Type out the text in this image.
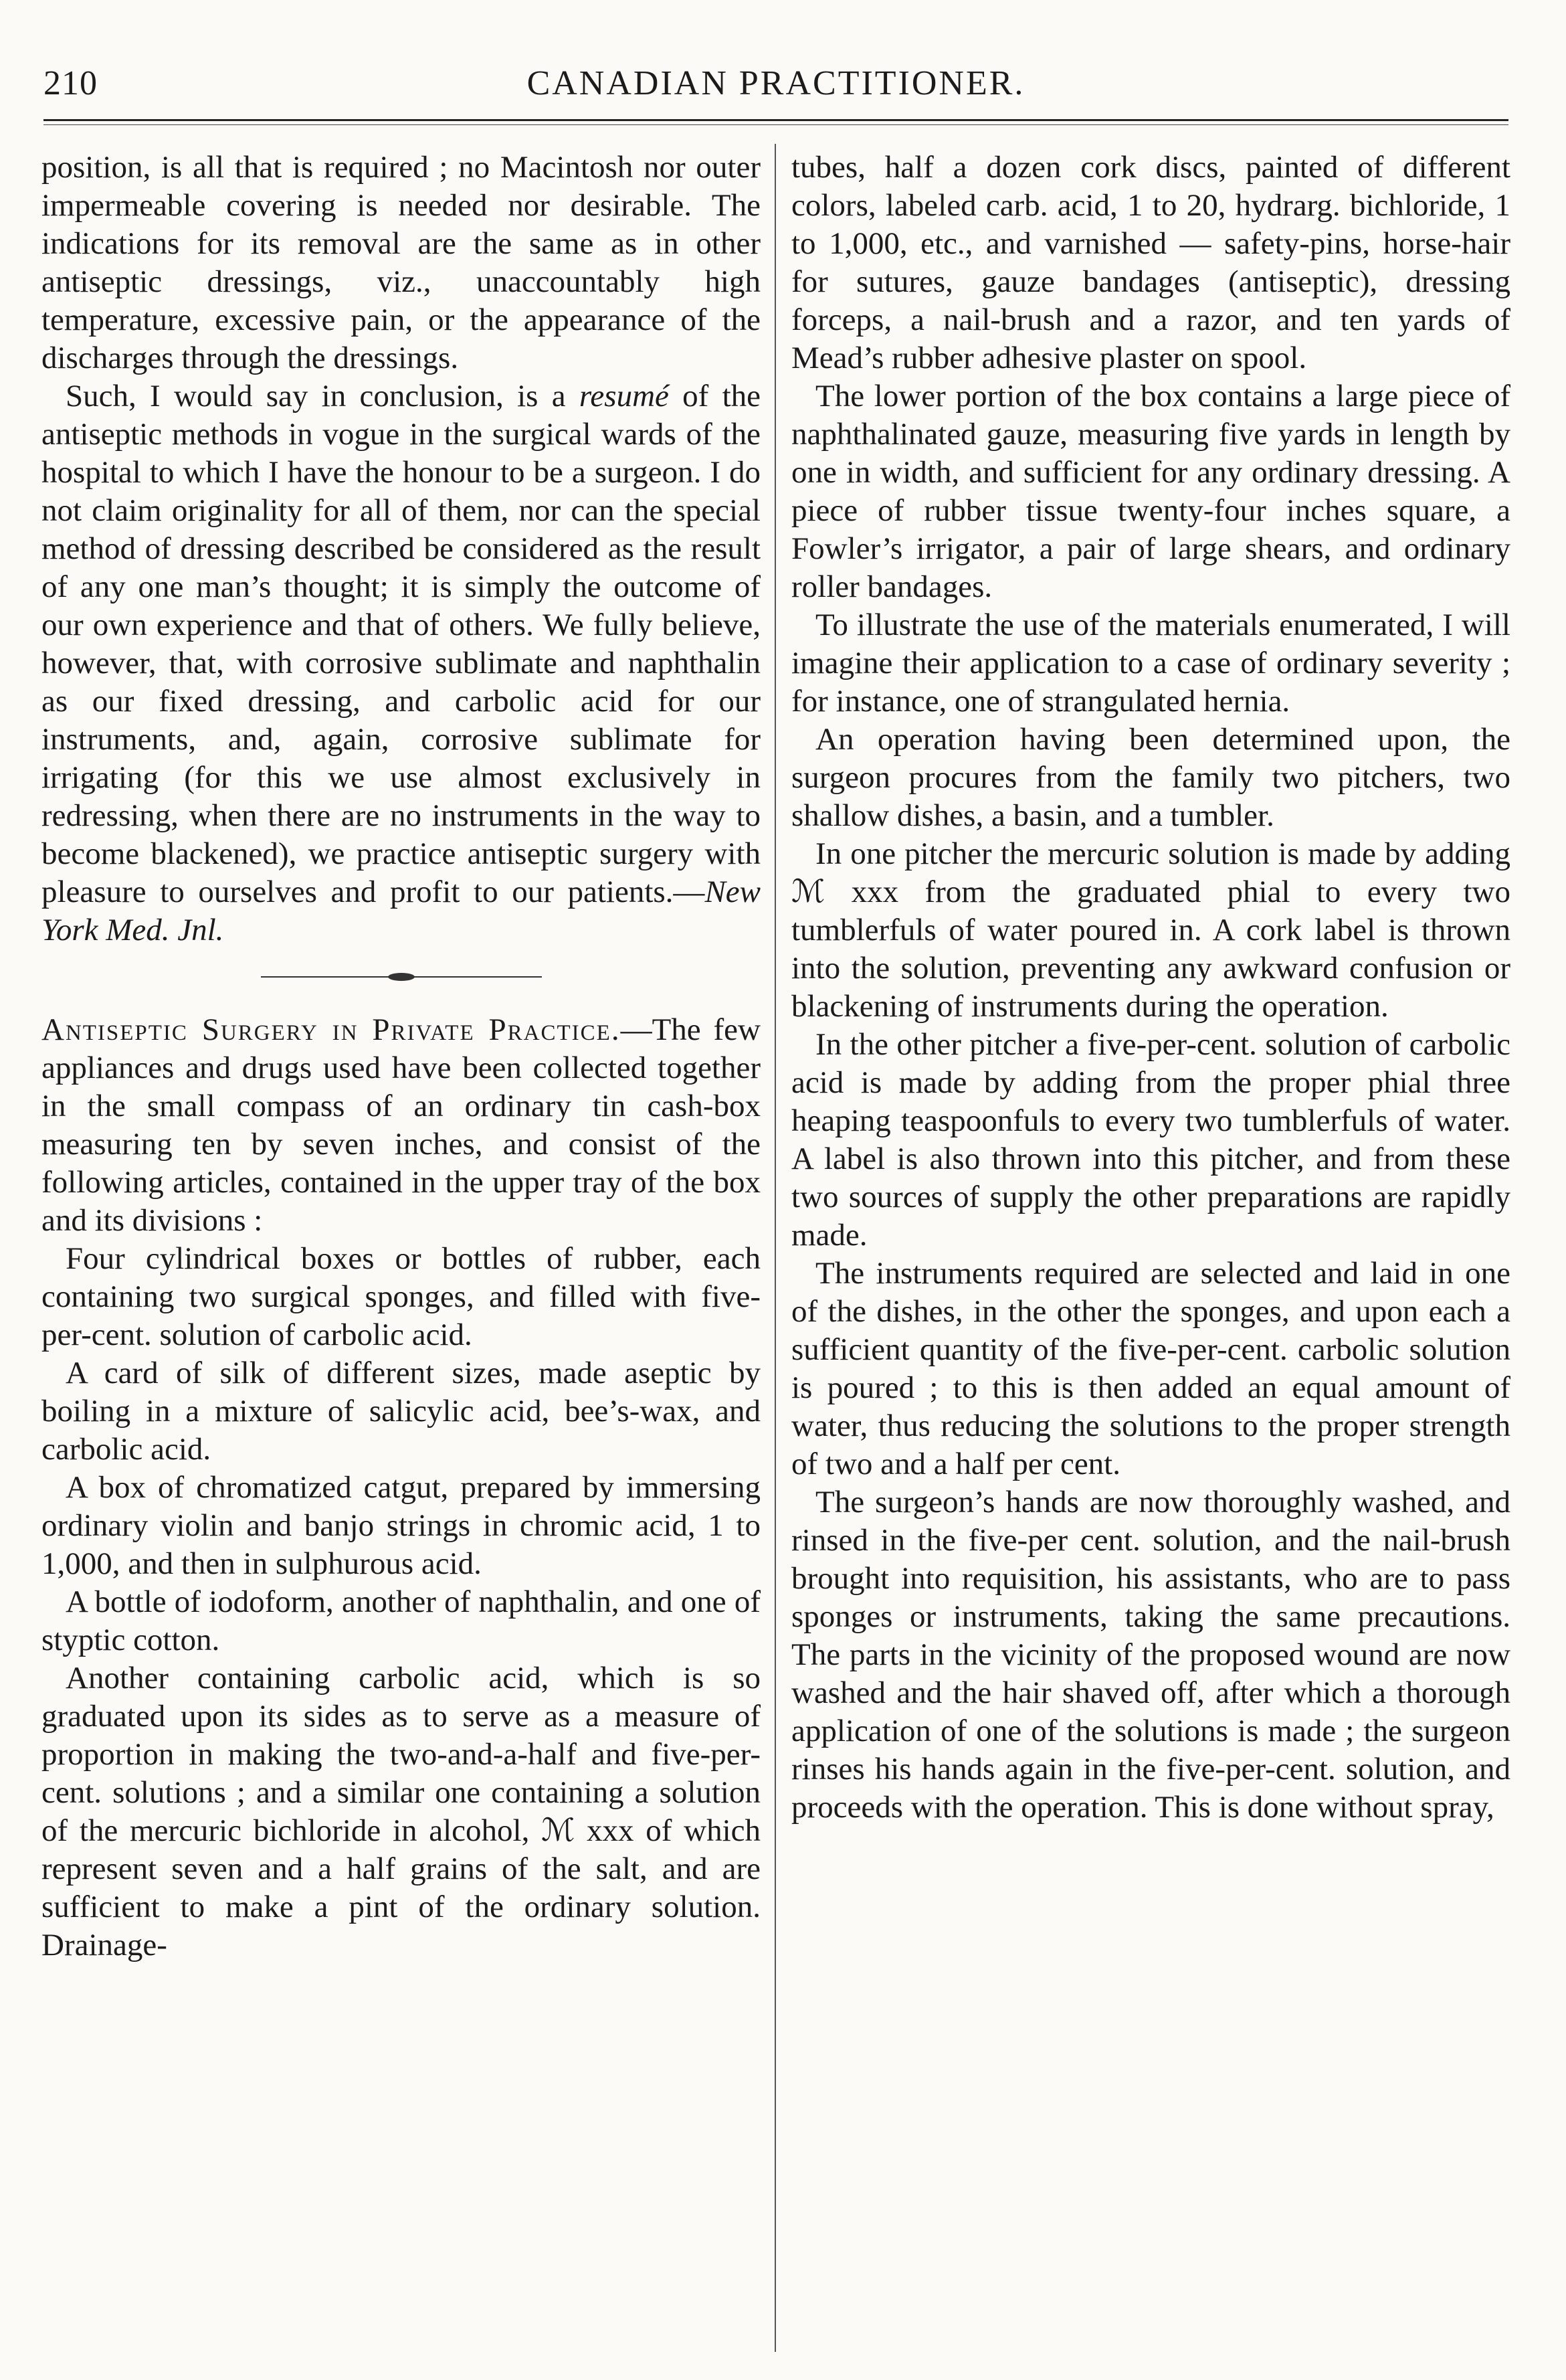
210	CANADIAN PRACTITIONER.

position, is all that is required ; no Macintosh nor outer impermeable covering is needed nor desirable. The indications for its removal are the same as in other antiseptic dressings, viz., unaccountably high temperature, excessive pain, or the appearance of the discharges through the dressings.

Such, I would say in conclusion, is a resumé of the antiseptic methods in vogue in the surgical wards of the hospital to which I have the honour to be a surgeon. I do not claim originality for all of them, nor can the special method of dressing described be considered as the result of any one man’s thought; it is simply the outcome of our own experience and that of others. We fully believe, however, that, with corrosive sublimate and naphthalin as our fixed dressing, and carbolic acid for our instruments, and, again, corrosive sublimate for irrigating (for this we use almost exclusively in redressing, when there are no instruments in the way to become blackened), we practice antiseptic surgery with pleasure to ourselves and profit to our patients.—New York Med. Jnl.

Antiseptic Surgery in Private Practice.—The few appliances and drugs used have been collected together in the small compass of an ordinary tin cash-box measuring ten by seven inches, and consist of the following articles, contained in the upper tray of the box and its divisions :

Four cylindrical boxes or bottles of rubber, each containing two surgical sponges, and filled with five-per-cent. solution of carbolic acid.

A card of silk of different sizes, made aseptic by boiling in a mixture of salicylic acid, bee’s-wax, and carbolic acid.

A box of chromatized catgut, prepared by immersing ordinary violin and banjo strings in chromic acid, 1 to 1,000, and then in sulphurous acid.

A bottle of iodoform, another of naphthalin, and one of styptic cotton.

Another containing carbolic acid, which is so graduated upon its sides as to serve as a measure of proportion in making the two-and-a-half and five-per-cent. solutions ; and a similar one containing a solution of the mercuric bichloride in alcohol, ℳ xxx of which represent seven and a half grains of the salt, and are sufficient to make a pint of the ordinary solution. Drainage-

tubes, half a dozen cork discs, painted of different colors, labeled carb. acid, 1 to 20, hydrarg. bichloride, 1 to 1,000, etc., and varnished — safety-pins, horse-hair for sutures, gauze bandages (antiseptic), dressing forceps, a nail-brush and a razor, and ten yards of Mead’s rubber adhesive plaster on spool.

The lower portion of the box contains a large piece of naphthalinated gauze, measuring five yards in length by one in width, and sufficient for any ordinary dressing. A piece of rubber tissue twenty-four inches square, a Fowler’s irrigator, a pair of large shears, and ordinary roller bandages.

To illustrate the use of the materials enumerated, I will imagine their application to a case of ordinary severity ; for instance, one of strangulated hernia.

An operation having been determined upon, the surgeon procures from the family two pitchers, two shallow dishes, a basin, and a tumbler.

In one pitcher the mercuric solution is made by adding ℳ xxx from the graduated phial to every two tumblerfuls of water poured in. A cork label is thrown into the solution, preventing any awkward confusion or blackening of instruments during the operation.

In the other pitcher a five-per-cent. solution of carbolic acid is made by adding from the proper phial three heaping teaspoonfuls to every two tumblerfuls of water. A label is also thrown into this pitcher, and from these two sources of supply the other preparations are rapidly made.

The instruments required are selected and laid in one of the dishes, in the other the sponges, and upon each a sufficient quantity of the five-per-cent. carbolic solution is poured ; to this is then added an equal amount of water, thus reducing the solutions to the proper strength of two and a half per cent.

The surgeon’s hands are now thoroughly washed, and rinsed in the five-per cent. solution, and the nail-brush brought into requisition, his assistants, who are to pass sponges or instruments, taking the same precautions. The parts in the vicinity of the proposed wound are now washed and the hair shaved off, after which a thorough application of one of the solutions is made ; the surgeon rinses his hands again in the five-per-cent. solution, and proceeds with the operation. This is done without spray,
